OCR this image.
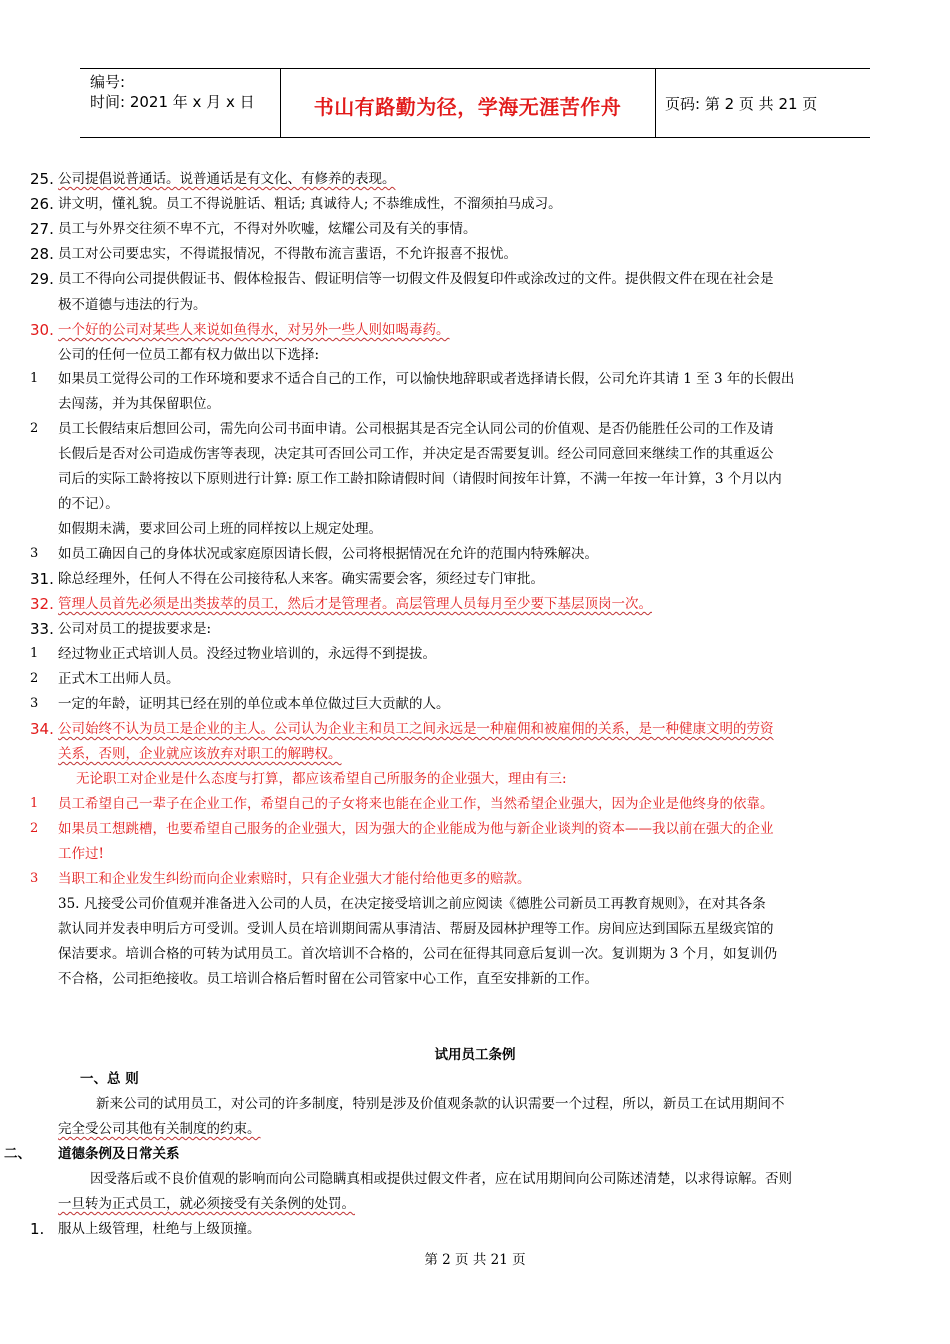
编号:
时间: 2021 年 x 月 x 日	书山有路勤为径，学海无涯苦作舟	页码: 第 2 页 共 21 页
25. 公司提倡说普通话。说普通话是有文化、有修养的表现。
26. 讲文明，懂礼貌。员工不得说脏话、粗话; 真诚待人; 不恭维成性，不溜须拍马成习。
27. 员工与外界交往须不卑不亢，不得对外吹嘘，炫耀公司及有关的事情。
28. 员工对公司要忠实，不得谎报情况，不得散布流言蜚语，不允许报喜不报忧。
29. 员工不得向公司提供假证书、假体检报告、假证明信等一切假文件及假复印件或涂改过的文件。提供假文件在现在社会是
极不道德与违法的行为。
30. 一个好的公司对某些人来说如鱼得水，对另外一些人则如喝毒药。
公司的任何一位员工都有权力做出以下选择:
1 如果员工觉得公司的工作环境和要求不适合自己的工作，可以愉快地辞职或者选择请长假，公司允许其请 1 至 3 年的长假出
去闯荡，并为其保留职位。
2 员工长假结束后想回公司，需先向公司书面申请。公司根据其是否完全认同公司的价值观、是否仍能胜任公司的工作及请
长假后是否对公司造成伤害等表现，决定其可否回公司工作，并决定是否需要复训。经公司同意回来继续工作的其重返公
司后的实际工龄将按以下原则进行计算: 原工作工龄扣除请假时间（请假时间按年计算，不满一年按一年计算，3 个月以内
的不记）。
如假期未满，要求回公司上班的同样按以上规定处理。
3 如员工确因自己的身体状况或家庭原因请长假，公司将根据情况在允许的范围内特殊解决。
31. 除总经理外，任何人不得在公司接待私人来客。确实需要会客，须经过专门审批。
32. 管理人员首先必须是出类拔萃的员工，然后才是管理者。高层管理人员每月至少要下基层顶岗一次。
33. 公司对员工的提拔要求是:
1 经过物业正式培训人员。没经过物业培训的，永远得不到提拔。
2 正式木工出师人员。
3 一定的年龄，证明其已经在别的单位或本单位做过巨大贡献的人。
34. 公司始终不认为员工是企业的主人。公司认为企业主和员工之间永远是一种雇佣和被雇佣的关系，是一种健康文明的劳资
关系，否则，企业就应该放弃对职工的解聘权。
无论职工对企业是什么态度与打算，都应该希望自己所服务的企业强大，理由有三:
1 员工希望自己一辈子在企业工作，希望自己的子女将来也能在企业工作，当然希望企业强大，因为企业是他终身的依靠。
2 如果员工想跳槽，也要希望自己服务的企业强大，因为强大的企业能成为他与新企业谈判的资本——我以前在强大的企业
工作过!
3 当职工和企业发生纠纷而向企业索赔时，只有企业强大才能付给他更多的赔款。
35. 凡接受公司价值观并准备进入公司的人员，在决定接受培训之前应阅读《德胜公司新员工再教育规则》，在对其各条
款认同并发表申明后方可受训。受训人员在培训期间需从事清洁、帮厨及园林护理等工作。房间应达到国际五星级宾馆的
保洁要求。培训合格的可转为试用员工。首次培训不合格的，公司在征得其同意后复训一次。复训期为 3 个月，如复训仍
不合格，公司拒绝接收。员工培训合格后暂时留在公司管家中心工作，直至安排新的工作。
试用员工条例
一、总 则
新来公司的试用员工，对公司的许多制度，特别是涉及价值观条款的认识需要一个过程，所以，新员工在试用期间不
完全受公司其他有关制度的约束。
二、 道德条例及日常关系
因受落后或不良价值观的影响而向公司隐瞒真相或提供过假文件者，应在试用期间向公司陈述清楚，以求得谅解。否则
一旦转为正式员工，就必须接受有关条例的处罚。
1. 服从上级管理，杜绝与上级顶撞。
第 2 页 共 21 页
